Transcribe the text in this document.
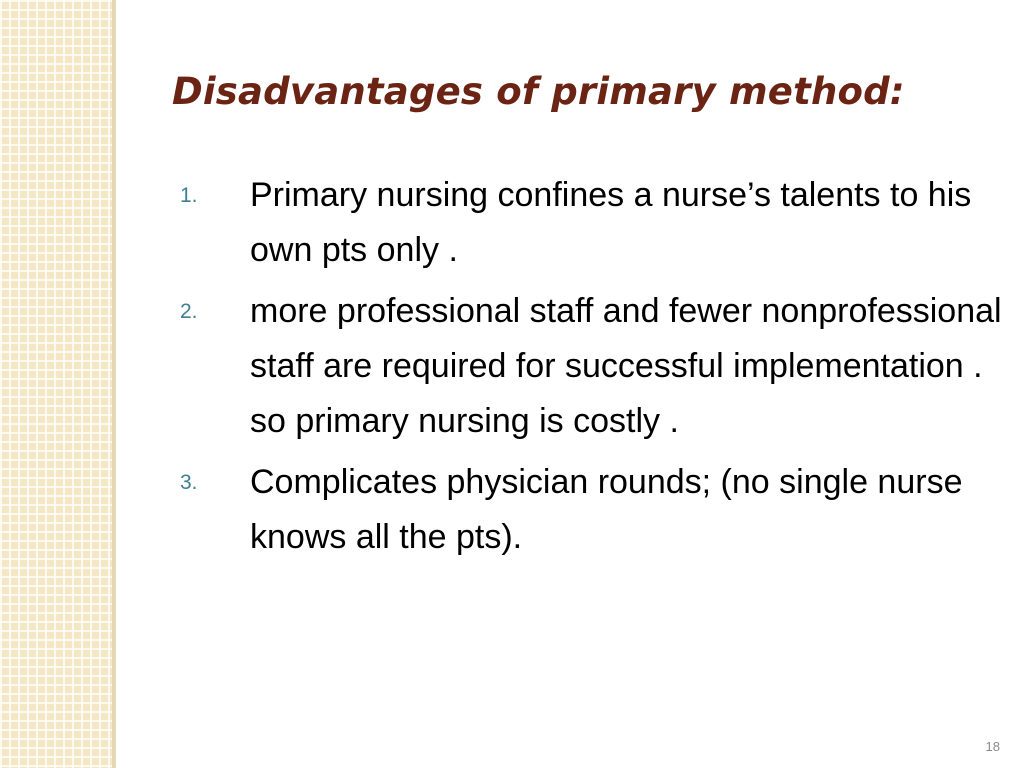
Disadvantages of primary method:
1.	Primary nursing confines a nurse’s talents to his own pts only .
2.	more professional staff and fewer nonprofessional staff are required for successful implementation . so primary nursing is costly .
3.	Complicates physician rounds; (no single nurse knows all the pts).
18
